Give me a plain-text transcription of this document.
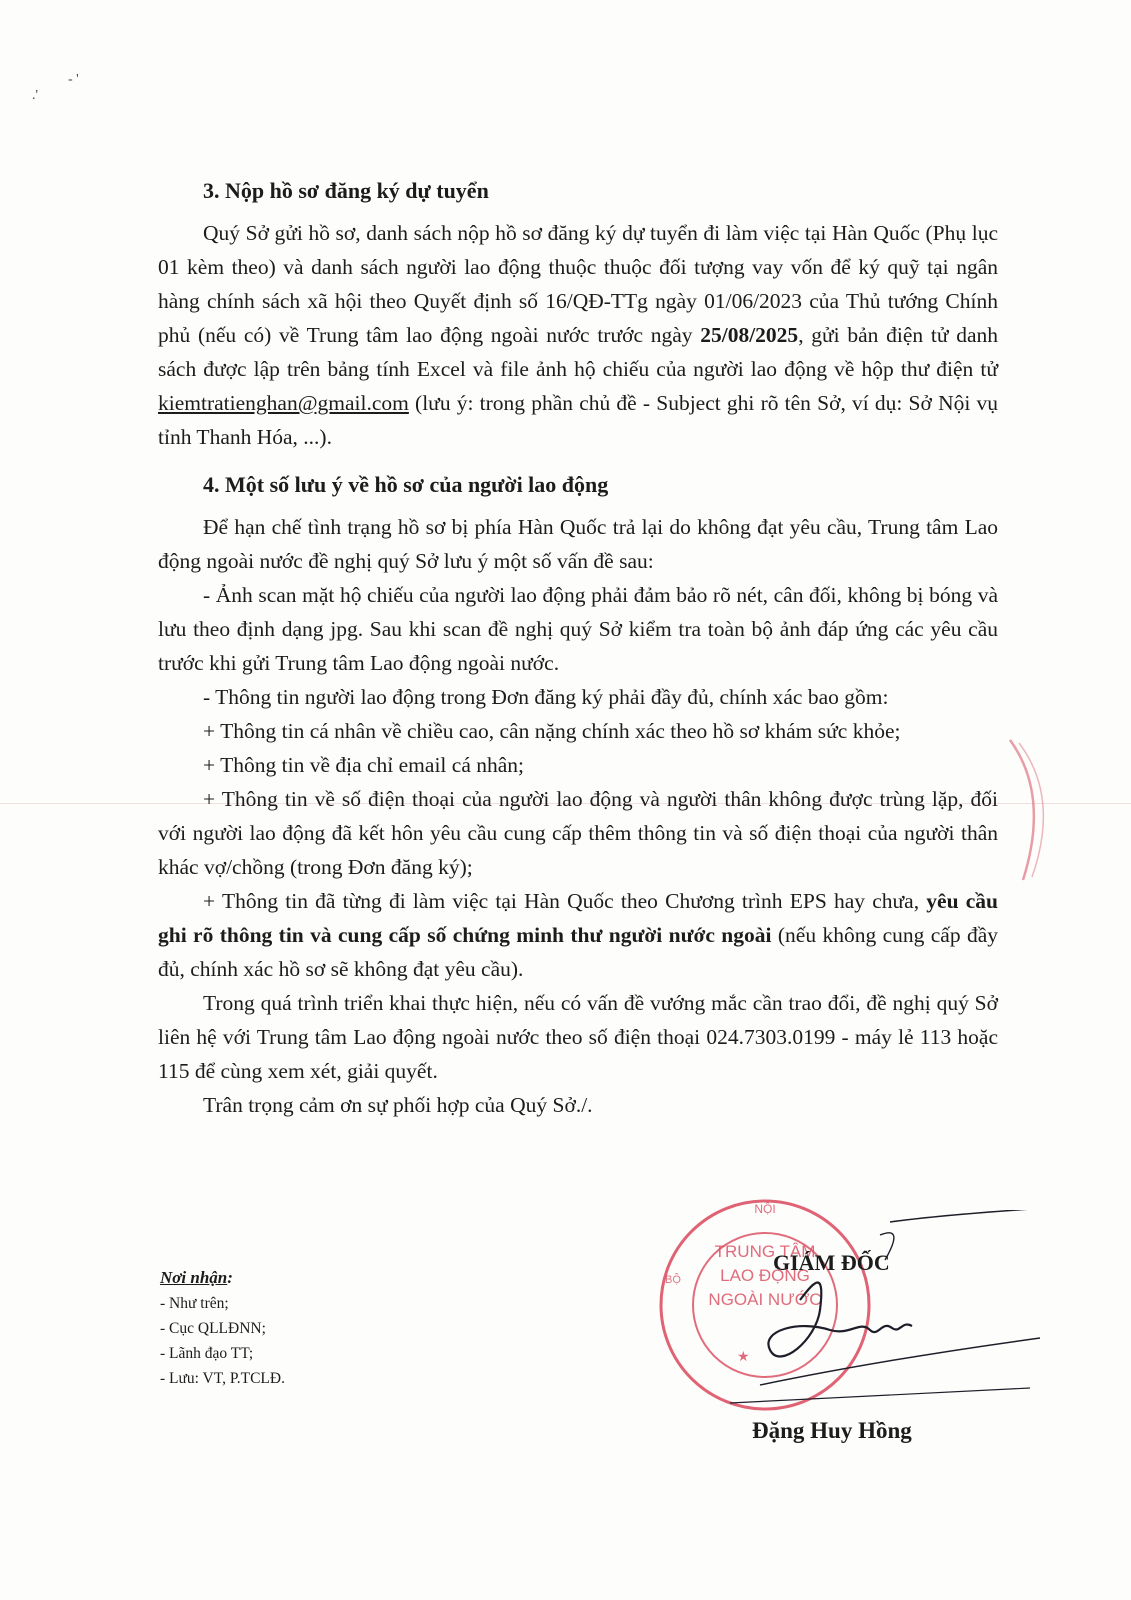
.'
- '
3. Nộp hồ sơ đăng ký dự tuyển

Quý Sở gửi hồ sơ, danh sách nộp hồ sơ đăng ký dự tuyển đi làm việc tại Hàn Quốc (Phụ lục 01 kèm theo) và danh sách người lao động thuộc thuộc đối tượng vay vốn để ký quỹ tại ngân hàng chính sách xã hội theo Quyết định số 16/QĐ-TTg ngày 01/06/2023 của Thủ tướng Chính phủ (nếu có) về Trung tâm lao động ngoài nước trước ngày 25/08/2025, gửi bản điện tử danh sách được lập trên bảng tính Excel và file ảnh hộ chiếu của người lao động về hộp thư điện tử kiemtratienghan@gmail.com (lưu ý: trong phần chủ đề - Subject ghi rõ tên Sở, ví dụ: Sở Nội vụ tỉnh Thanh Hóa, ...).

4. Một số lưu ý về hồ sơ của người lao động

Để hạn chế tình trạng hồ sơ bị phía Hàn Quốc trả lại do không đạt yêu cầu, Trung tâm Lao động ngoài nước đề nghị quý Sở lưu ý một số vấn đề sau:

- Ảnh scan mặt hộ chiếu của người lao động phải đảm bảo rõ nét, cân đối, không bị bóng và lưu theo định dạng jpg. Sau khi scan đề nghị quý Sở kiểm tra toàn bộ ảnh đáp ứng các yêu cầu trước khi gửi Trung tâm Lao động ngoài nước.

- Thông tin người lao động trong Đơn đăng ký phải đầy đủ, chính xác bao gồm:

+ Thông tin cá nhân về chiều cao, cân nặng chính xác theo hồ sơ khám sức khỏe;

+ Thông tin về địa chỉ email cá nhân;

+ Thông tin về số điện thoại của người lao động và người thân không được trùng lặp, đối với người lao động đã kết hôn yêu cầu cung cấp thêm thông tin và số điện thoại của người thân khác vợ/chồng (trong Đơn đăng ký);

+ Thông tin đã từng đi làm việc tại Hàn Quốc theo Chương trình EPS hay chưa, yêu cầu ghi rõ thông tin và cung cấp số chứng minh thư người nước ngoài (nếu không cung cấp đầy đủ, chính xác hồ sơ sẽ không đạt yêu cầu).

Trong quá trình triển khai thực hiện, nếu có vấn đề vướng mắc cần trao đổi, đề nghị quý Sở liên hệ với Trung tâm Lao động ngoài nước theo số điện thoại 024.7303.0199 - máy lẻ 113 hoặc 115 để cùng xem xét, giải quyết.

Trân trọng cảm ơn sự phối hợp của Quý Sở./.

Nơi nhận:
- Như trên;
- Cục QLLĐNN;
- Lãnh đạo TT;
- Lưu: VT, P.TCLĐ.
NỘI
BỘ
TRUNG TÂM
LAO ĐỘNG
NGOÀI NƯỚC
★
GIÁM ĐỐC
Đặng Huy Hồng
